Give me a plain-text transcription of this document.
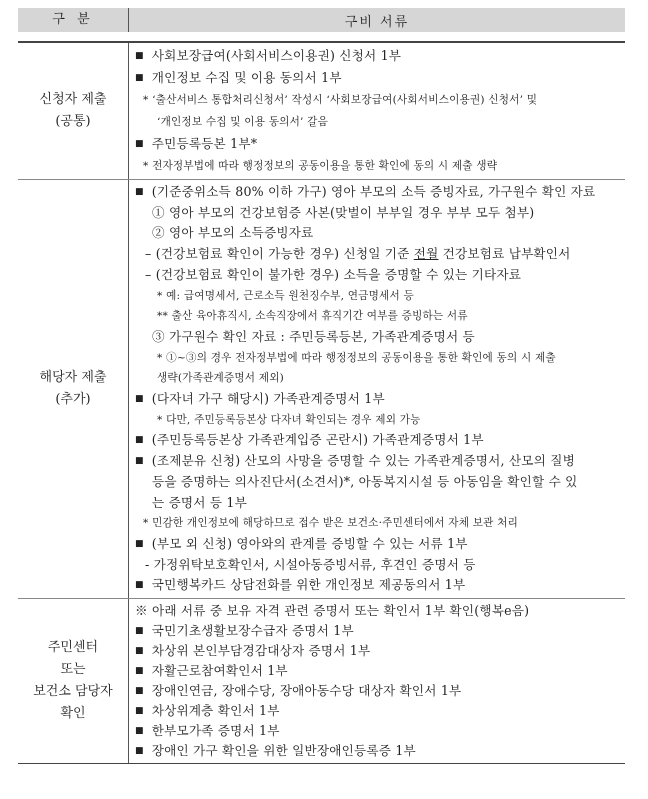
구 분	구비 서류
신청자 제출
(공통)
■ 사회보장급여(사회서비스이용권) 신청서 1부
■ 개인정보 수집 및 이용 동의서 1부
* ‘출산서비스 통합처리신청서’ 작성시 ‘사회보장급여(사회서비스이용권) 신청서’ 및
‘개인정보 수집 및 이용 동의서’ 갈음
■ 주민등록등본 1부*
* 전자정부법에 따라 행정정보의 공동이용을 통한 확인에 동의 시 제출 생략
해당자 제출
(추가)
■ (기준중위소득 80% 이하 가구) 영아 부모의 소득 증빙자료, 가구원수 확인 자료
① 영아 부모의 건강보험증 사본(맞벌이 부부일 경우 부부 모두 첨부)
② 영아 부모의 소득증빙자료
– (건강보험료 확인이 가능한 경우) 신청일 기준 전월 건강보험료 납부확인서
– (건강보험료 확인이 불가한 경우) 소득을 증명할 수 있는 기타자료
* 예: 급여명세서, 근로소득 원천징수부, 연금명세서 등
** 출산 육아휴직시, 소속직장에서 휴직기간 여부를 증빙하는 서류
③ 가구원수 확인 자료 : 주민등록등본, 가족관계증명서 등
* ①~③의 경우 전자정부법에 따라 행정정보의 공동이용을 통한 확인에 동의 시 제출
생략(가족관계증명서 제외)
■ (다자녀 가구 해당시) 가족관계증명서 1부
* 다만, 주민등록등본상 다자녀 확인되는 경우 제외 가능
■ (주민등록등본상 가족관계입증 곤란시) 가족관계증명서 1부
■ (조제분유 신청) 산모의 사망을 증명할 수 있는 가족관계증명서, 산모의 질병
등을 증명하는 의사진단서(소견서)*, 아동복지시설 등 아동임을 확인할 수 있
는 증명서 등 1부
* 민감한 개인정보에 해당하므로 접수 받은 보건소·주민센터에서 자체 보관 처리
■ (부모 외 신청) 영아와의 관계를 증빙할 수 있는 서류 1부
- 가정위탁보호확인서, 시설아동증빙서류, 후견인 증명서 등
■ 국민행복카드 상담전화를 위한 개인정보 제공동의서 1부
주민센터
또는
보건소 담당자
확인
※ 아래 서류 중 보유 자격 관련 증명서 또는 확인서 1부 확인(행복e음)
■ 국민기초생활보장수급자 증명서 1부
■ 차상위 본인부담경감대상자 증명서 1부
■ 자활근로참여확인서 1부
■ 장애인연금, 장애수당, 장애아동수당 대상자 확인서 1부
■ 차상위계층 확인서 1부
■ 한부모가족 증명서 1부
■ 장애인 가구 확인을 위한 일반장애인등록증 1부
